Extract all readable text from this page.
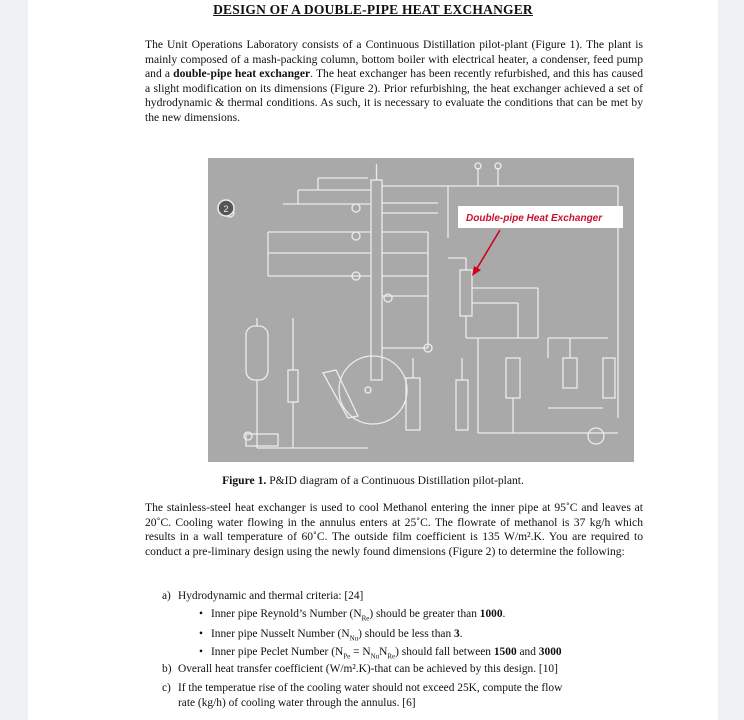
DESIGN OF A DOUBLE-PIPE HEAT EXCHANGER
The Unit Operations Laboratory consists of a Continuous Distillation pilot-plant (Figure 1). The plant is mainly composed of a mash-packing column, bottom boiler with electrical heater, a condenser, feed pump and a double-pipe heat exchanger. The heat exchanger has been recently refurbished, and this has caused a slight modification on its dimensions (Figure 2). Prior refurbishing, the heat exchanger achieved a set of hydrodynamic & thermal conditions. As such, it is necessary to evaluate the conditions that can be met by the new dimensions.
2
Double-pipe Heat Exchanger
Figure 1. P&ID diagram of a Continuous Distillation pilot-plant.
The stainless-steel heat exchanger is used to cool Methanol entering the inner pipe at 95˚C and leaves at 20˚C. Cooling water flowing in the annulus enters at 25˚C. The flowrate of methanol is 37 kg/h which results in a wall temperature of 60˚C. The outside film coefficient is 135 W/m².K. You are required to conduct a pre-liminary design using the newly found dimensions (Figure 2) to determine the following:
a) Hydrodynamic and thermal criteria: [24]
• Inner pipe Reynold’s Number $(N_{Re})$ should be greater than 1000.
• Inner pipe Nusselt Number $(N_{Nu})$ should be less than 3.
• Inner pipe Peclet Number $(N_{Pe} = N_{Nu}N_{Re})$ should fall between 1500 and 3000
b) Overall heat transfer coefficient (W/m².K)-that can be achieved by this design. [10]
c) If the temperatue rise of the cooling water should not exceed 25K, compute the flow
rate (kg/h) of cooling water through the annulus. [6]
